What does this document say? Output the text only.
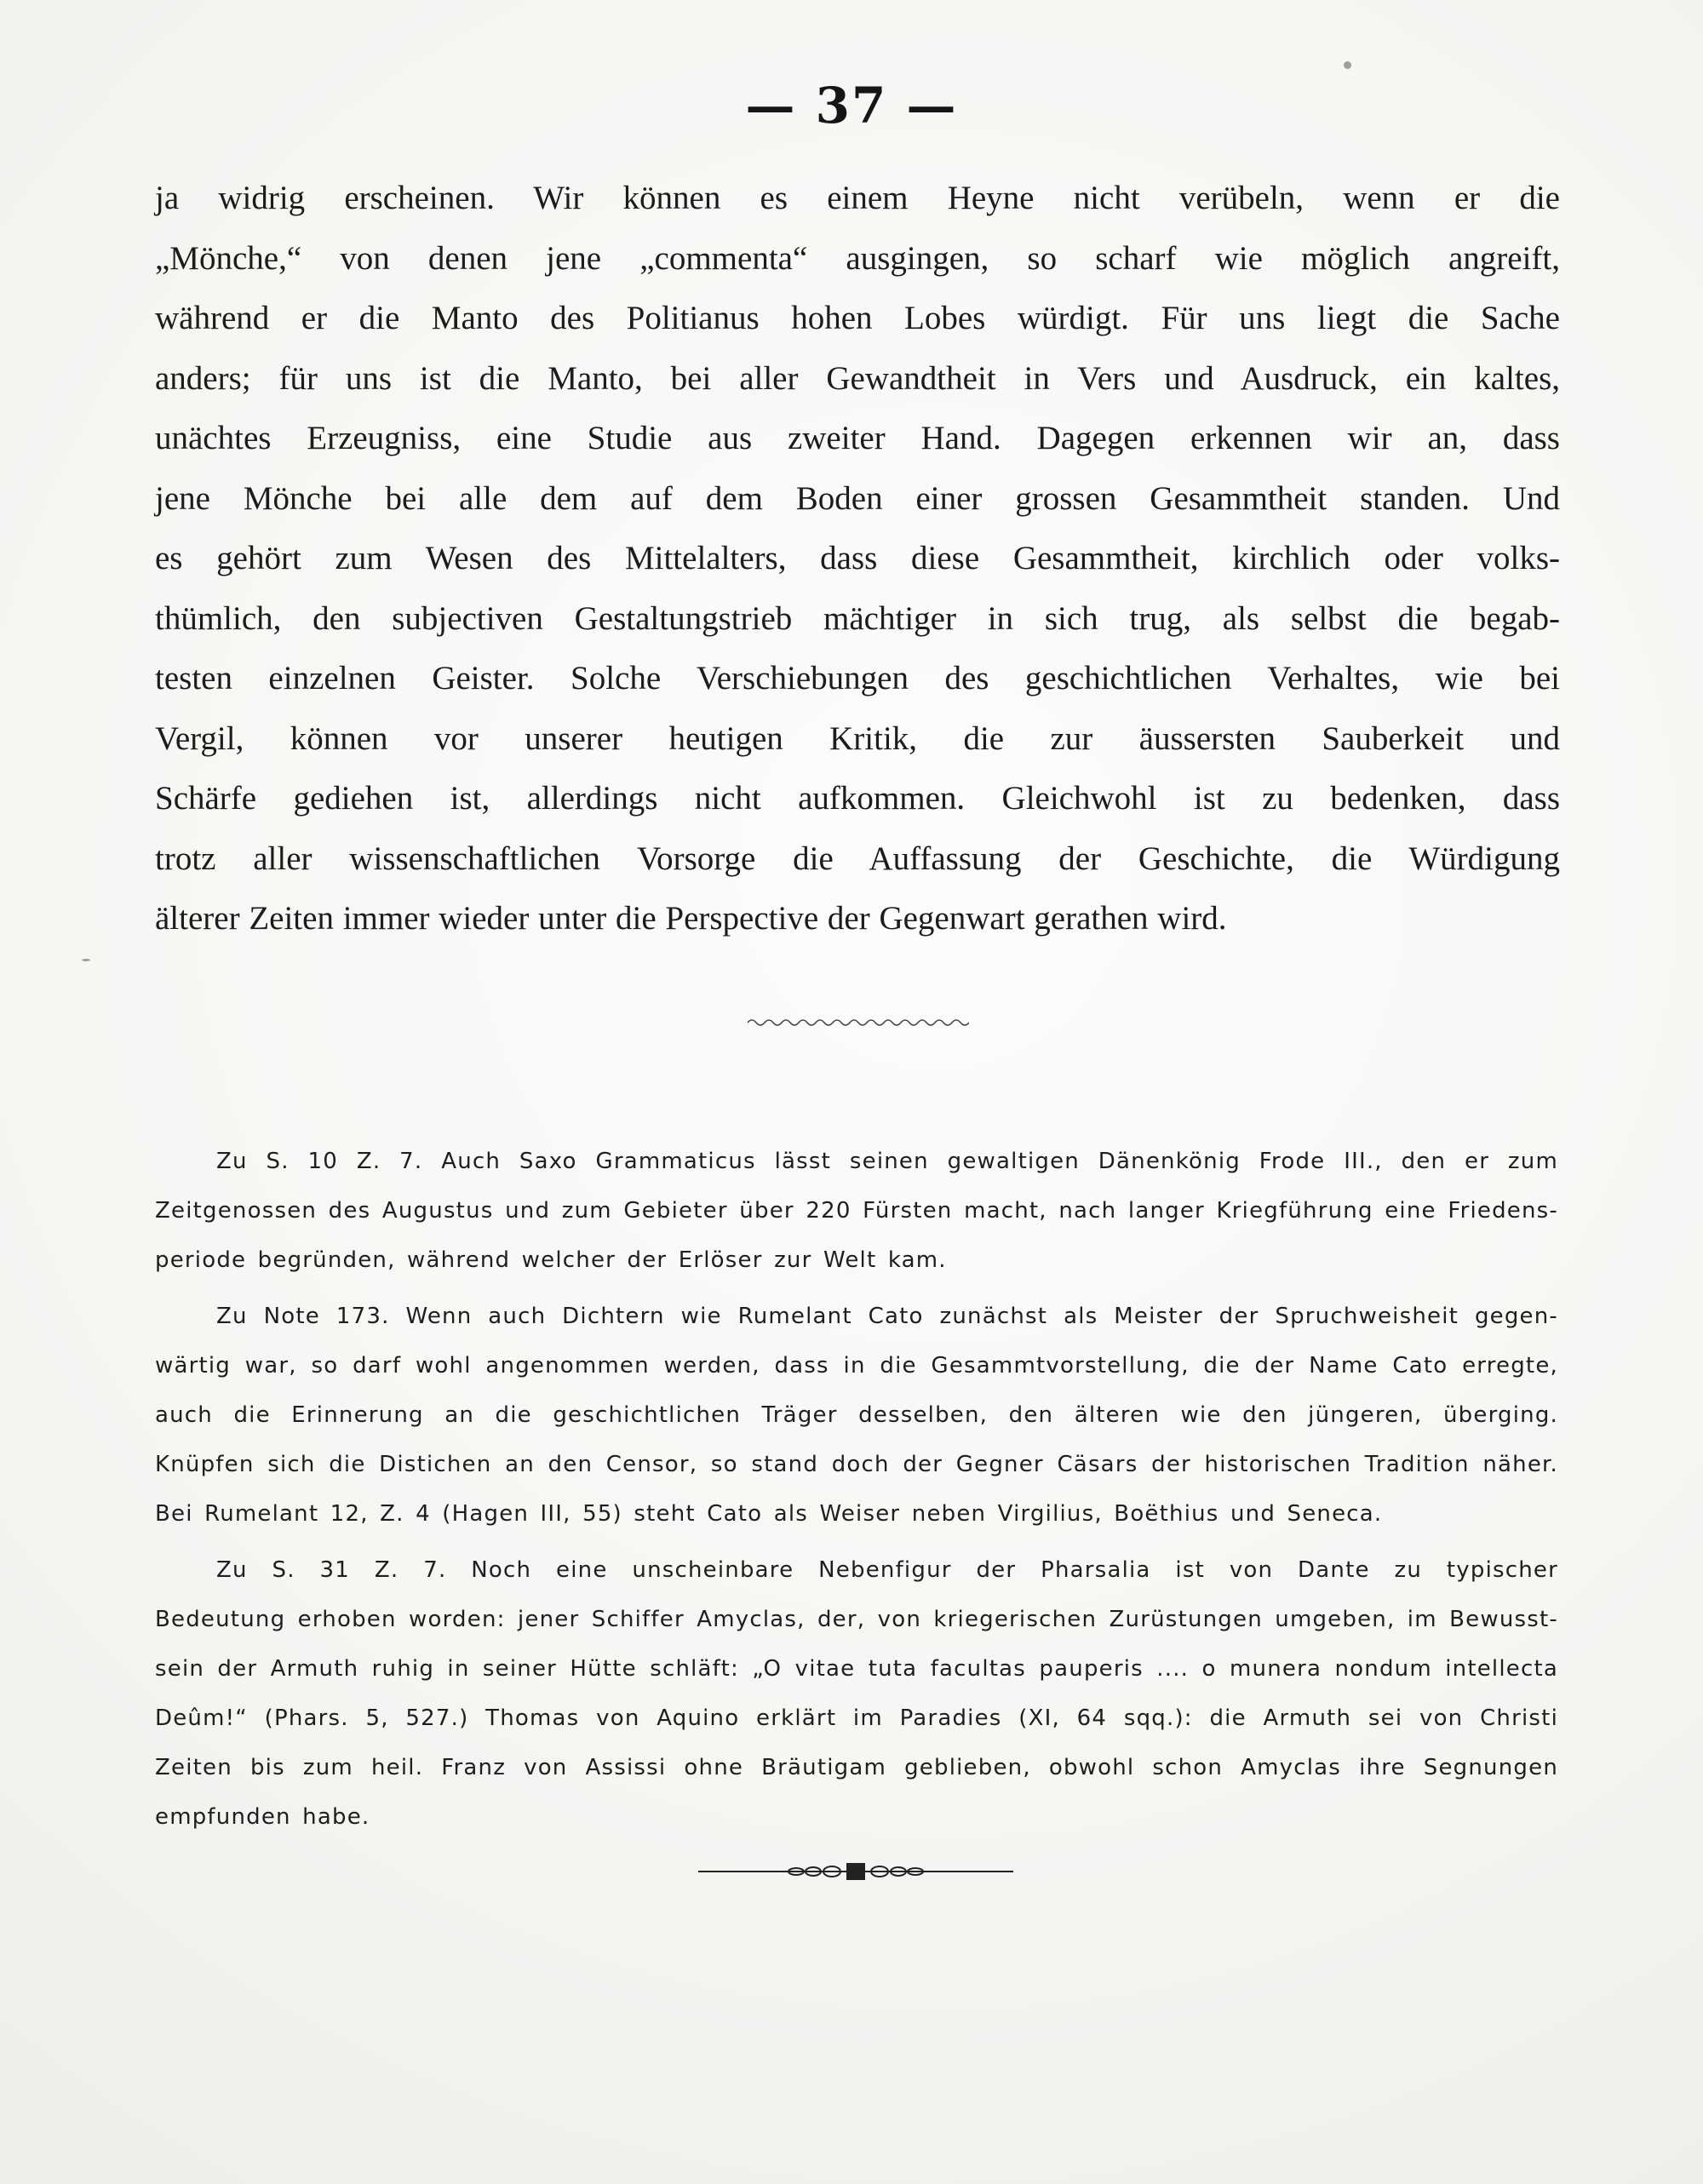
— 37 —
ja widrig erscheinen. Wir können es einem Heyne nicht verübeln, wenn er die
„Mönche,“ von denen jene „commenta“ ausgingen, so scharf wie möglich angreift,
während er die Manto des Politianus hohen Lobes würdigt. Für uns liegt die Sache
anders; für uns ist die Manto, bei aller Gewandtheit in Vers und Ausdruck, ein kaltes,
unächtes Erzeugniss, eine Studie aus zweiter Hand. Dagegen erkennen wir an, dass
jene Mönche bei alle dem auf dem Boden einer grossen Gesammtheit standen. Und
es gehört zum Wesen des Mittelalters, dass diese Gesammtheit, kirchlich oder volks-
thümlich, den subjectiven Gestaltungstrieb mächtiger in sich trug, als selbst die begab-
testen einzelnen Geister. Solche Verschiebungen des geschichtlichen Verhaltes, wie bei
Vergil, können vor unserer heutigen Kritik, die zur äussersten Sauberkeit und
Schärfe gediehen ist, allerdings nicht aufkommen. Gleichwohl ist zu bedenken, dass
trotz aller wissenschaftlichen Vorsorge die Auffassung der Geschichte, die Würdigung
älterer Zeiten immer wieder unter die Perspective der Gegenwart gerathen wird.
Zu S. 10 Z. 7. Auch Saxo Grammaticus lässt seinen gewaltigen Dänenkönig Frode III., den er zum
Zeitgenossen des Augustus und zum Gebieter über 220 Fürsten macht, nach langer Kriegführung eine Friedens-
periode begründen, während welcher der Erlöser zur Welt kam.
Zu Note 173. Wenn auch Dichtern wie Rumelant Cato zunächst als Meister der Spruchweisheit gegen-
wärtig war, so darf wohl angenommen werden, dass in die Gesammtvorstellung, die der Name Cato erregte,
auch die Erinnerung an die geschichtlichen Träger desselben, den älteren wie den jüngeren, überging.
Knüpfen sich die Distichen an den Censor, so stand doch der Gegner Cäsars der historischen Tradition näher.
Bei Rumelant 12, Z. 4 (Hagen III, 55) steht Cato als Weiser neben Virgilius, Boëthius und Seneca.
Zu S. 31 Z. 7. Noch eine unscheinbare Nebenfigur der Pharsalia ist von Dante zu typischer
Bedeutung erhoben worden: jener Schiffer Amyclas, der, von kriegerischen Zurüstungen umgeben, im Bewusst-
sein der Armuth ruhig in seiner Hütte schläft: „O vitae tuta facultas pauperis .... o munera nondum intellecta
Deûm!“ (Phars. 5, 527.) Thomas von Aquino erklärt im Paradies (XI, 64 sqq.): die Armuth sei von Christi
Zeiten bis zum heil. Franz von Assissi ohne Bräutigam geblieben, obwohl schon Amyclas ihre Segnungen
empfunden habe.
